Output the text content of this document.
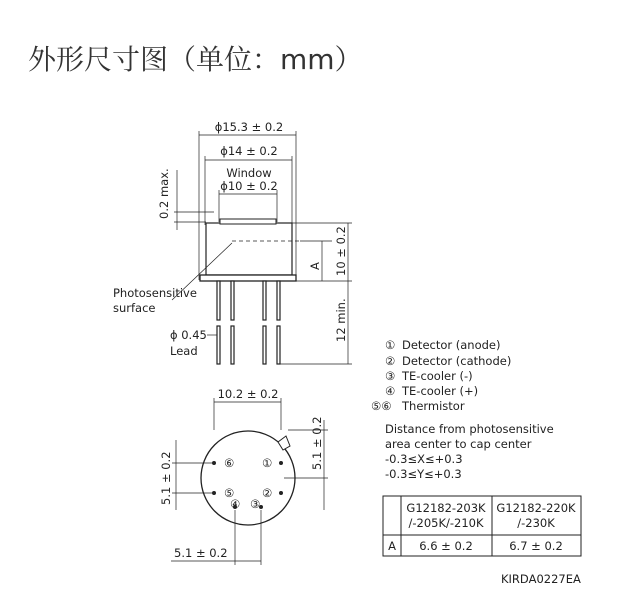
外形尺寸图（单位：mm）
ϕ15.3 ± 0.2
ϕ14 ± 0.2
Window
ϕ10 ± 0.2
0.2 max.
A 10 ± 0.2
12 min.
Photosensitive
surface
ϕ 0.45
Lead
10.2 ± 0.2
⑥ ①
⑤ ②
④ ③
5.1 ± 0.2
5.1 ± 0.2
5.1 ± 0.2
① Detector (anode)
② Detector (cathode)
③ TE-cooler (-)
④ TE-cooler (+)
⑤⑥ Thermistor
Distance from photosensitive
area center to cap center
-0.3≤X≤+0.3
-0.3≤Y≤+0.3
G12182-203K
/-205K/-210K
G12182-220K
/-230K
A 6.6 ± 0.2	6.7 ± 0.2
KIRDA0227EA
